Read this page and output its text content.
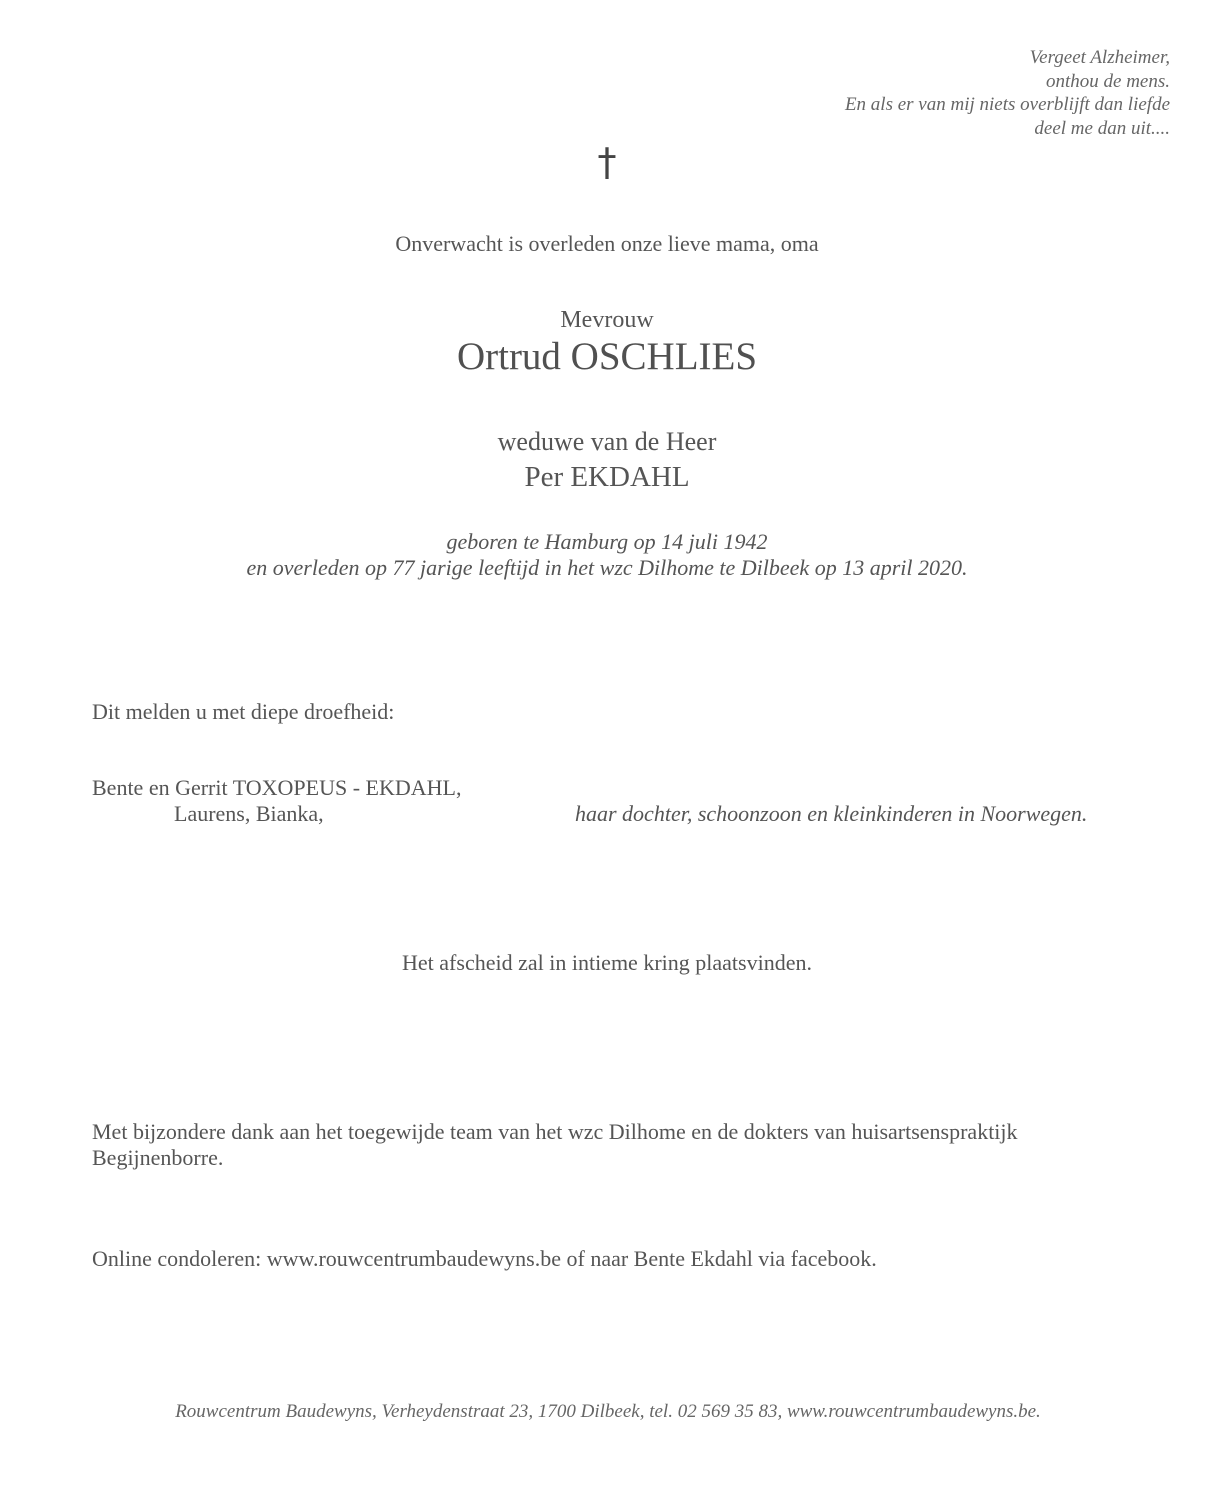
Vergeet Alzheimer,
onthou de mens.
En als er van mij niets overblijft dan liefde
deel me dan uit....
†
Onverwacht is overleden onze lieve mama, oma
Mevrouw
Ortrud OSCHLIES
weduwe van de Heer
Per EKDAHL
geboren te Hamburg op 14 juli 1942
en overleden op 77 jarige leeftijd in het wzc Dilhome te Dilbeek op 13 april 2020.
Dit melden u met diepe droefheid:
Bente en Gerrit TOXOPEUS - EKDAHL,
Laurens, Bianka,	haar dochter, schoonzoon en kleinkinderen in Noorwegen.
Het afscheid zal in intieme kring plaatsvinden.
Met bijzondere dank aan het toegewijde team van het wzc Dilhome en de dokters van huisartsenspraktijk Begijnenborre.
Online condoleren: www.rouwcentrumbaudewyns.be of naar Bente Ekdahl via facebook.
Rouwcentrum Baudewyns, Verheydenstraat 23, 1700 Dilbeek, tel. 02 569 35 83, www.rouwcentrumbaudewyns.be.
